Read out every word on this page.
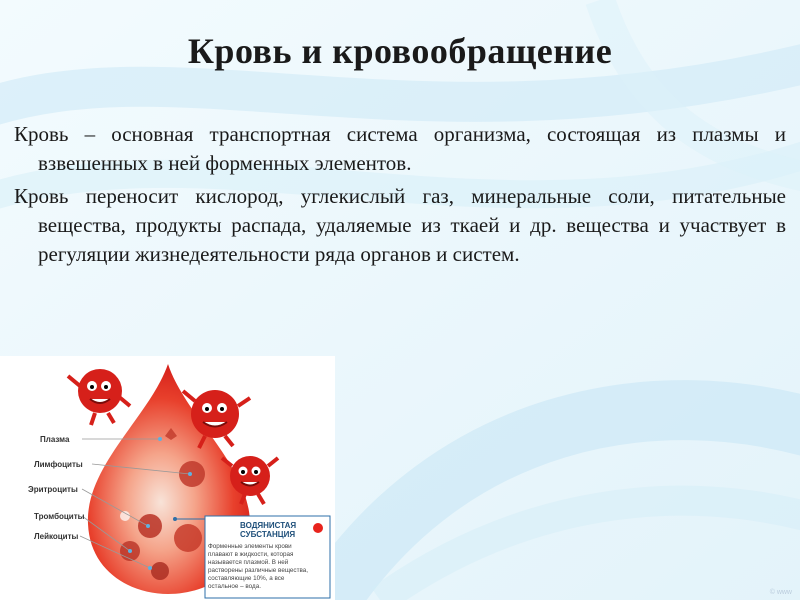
Кровь и кровообращение

Кровь – основная транспортная система организма, состоящая из плазмы и взвешенных в ней форменных элементов.

Кровь переносит кислород, углекислый газ, минеральные соли, питательные вещества, продукты распада, удаляемые из ткаей и др. вещества и участвует в регуляции жизнедеятельности ряда органов и систем.

Плазма
Лимфоциты
Эритроциты
Тромбоциты
Лейкоциты
ВОДЯНИСТАЯ
СУБСТАНЦИЯ
Форменные элементы крови
плавают в жидкости, которая
называется плазмой. В ней
растворены различные вещества,
составляющие 10%, а все
остальное – вода.
© www
